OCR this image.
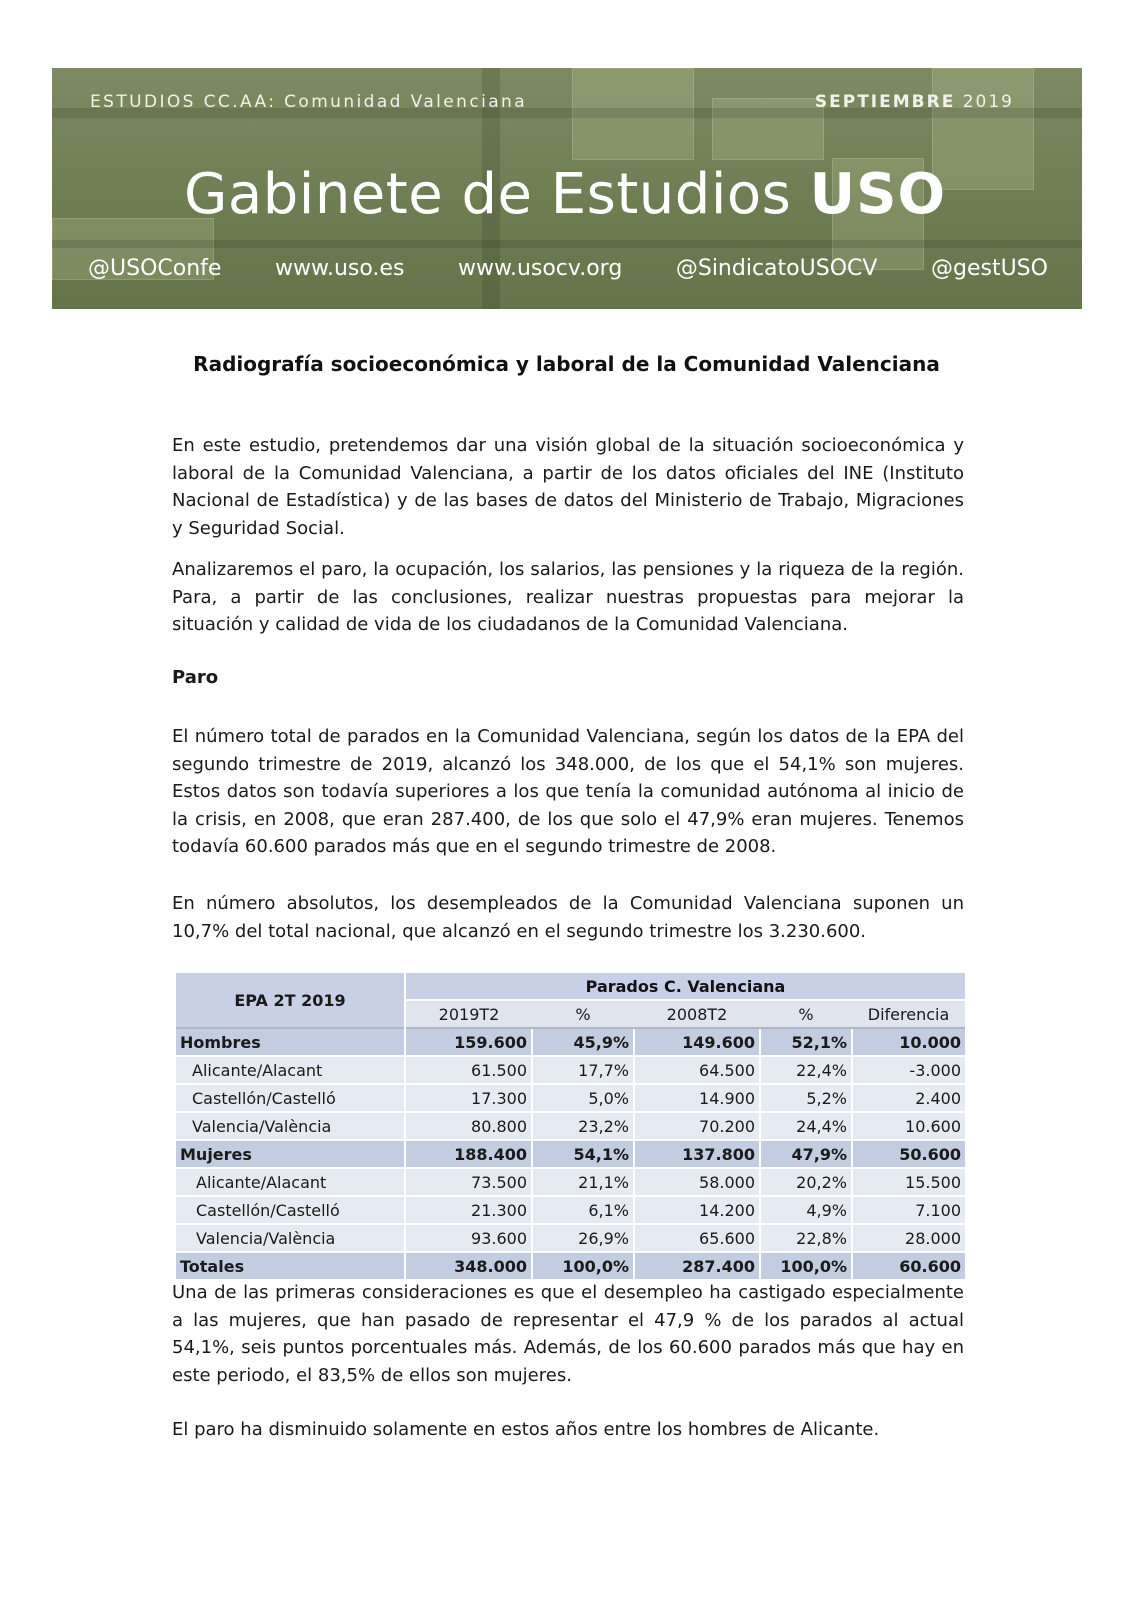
ESTUDIOS CC.AA: Comunidad Valenciana	SEPTIEMBRE 2019
Gabinete de Estudios USO
@USOConfe www.uso.es www.usocv.org @SindicatoUSOCV @gestUSO
Radiografía socioeconómica y laboral de la Comunidad Valenciana

En este estudio, pretendemos dar una visión global de la situación socioeconómica y laboral de la Comunidad Valenciana, a partir de los datos oficiales del INE (Instituto Nacional de Estadística) y de las bases de datos del Ministerio de Trabajo, Migraciones y Seguridad Social.

Analizaremos el paro, la ocupación, los salarios, las pensiones y la riqueza de la región. Para, a partir de las conclusiones, realizar nuestras propuestas para mejorar la situación y calidad de vida de los ciudadanos de la Comunidad Valenciana.

Paro

El número total de parados en la Comunidad Valenciana, según los datos de la EPA del segundo trimestre de 2019, alcanzó los 348.000, de los que el 54,1% son mujeres. Estos datos son todavía superiores a los que tenía la comunidad autónoma al inicio de la crisis, en 2008, que eran 287.400, de los que solo el 47,9% eran mujeres. Tenemos todavía 60.600 parados más que en el segundo trimestre de 2008.

En número absolutos, los desempleados de la Comunidad Valenciana suponen un 10,7% del total nacional, que alcanzó en el segundo trimestre los 3.230.600.

EPA 2T 2019	Parados C. Valenciana				
	2019T2	%	2008T2	%	Diferencia
Hombres	159.600	45,9%	149.600	52,1%	10.000
Alicante/Alacant	61.500	17,7%	64.500	22,4%	-3.000
Castellón/Castelló	17.300	5,0%	14.900	5,2%	2.400
Valencia/València	80.800	23,2%	70.200	24,4%	10.600
Mujeres	188.400	54,1%	137.800	47,9%	50.600
Alicante/Alacant	73.500	21,1%	58.000	20,2%	15.500
Castellón/Castelló	21.300	6,1%	14.200	4,9%	7.100
Valencia/València	93.600	26,9%	65.600	22,8%	28.000
Totales	348.000	100,0%	287.400	100,0%	60.600

Una de las primeras consideraciones es que el desempleo ha castigado especialmente a las mujeres, que han pasado de representar el 47,9 % de los parados al actual 54,1%, seis puntos porcentuales más. Además, de los 60.600 parados más que hay en este periodo, el 83,5% de ellos son mujeres.

El paro ha disminuido solamente en estos años entre los hombres de Alicante.
